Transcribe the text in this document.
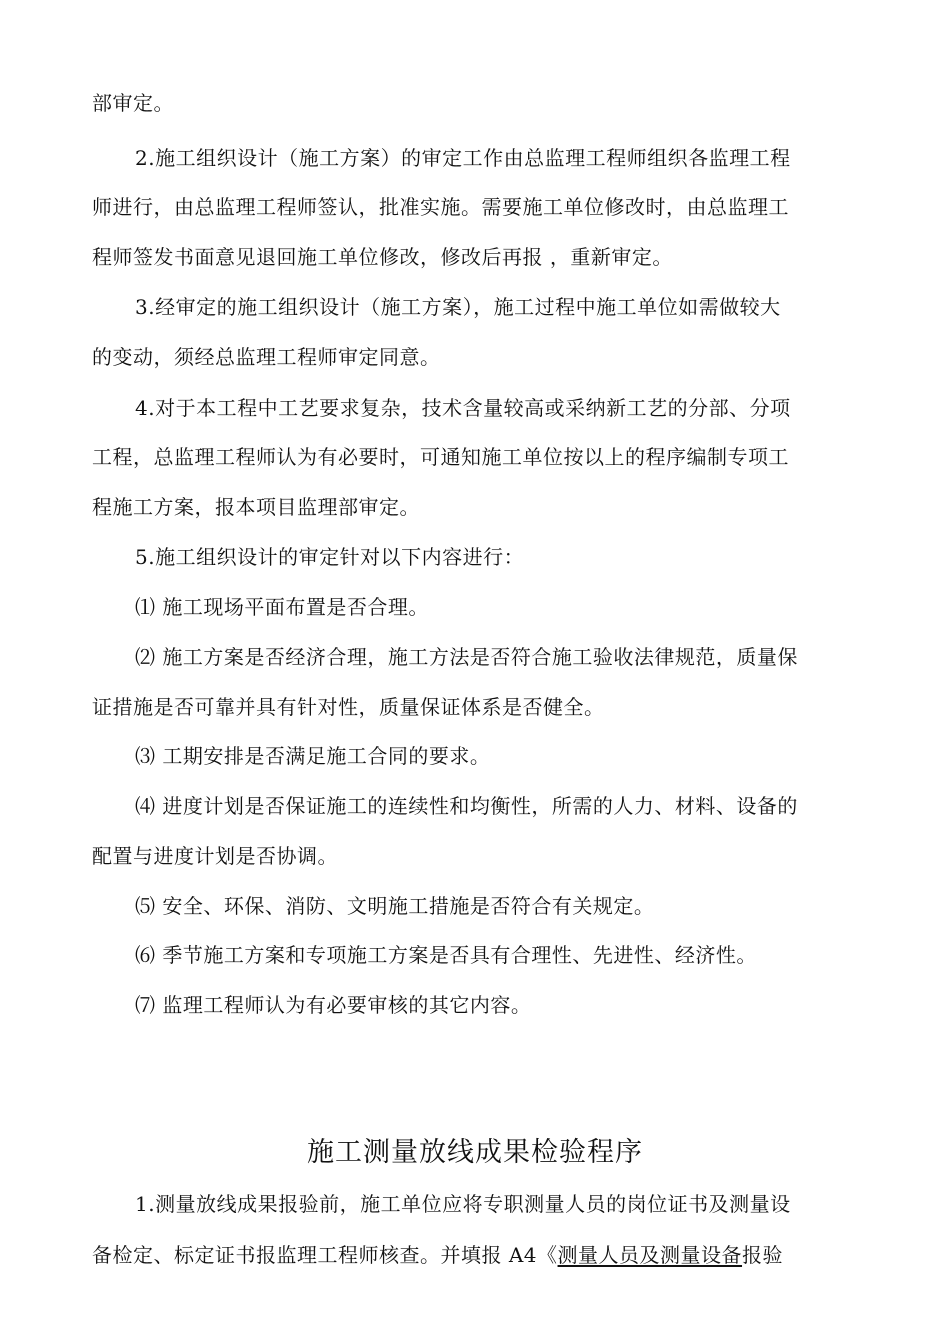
部审定。
2.施工组织设计（施工方案）的审定工作由总监理工程师组织各监理工程
师进行，由总监理工程师签认，批准实施。需要施工单位修改时，由总监理工
程师签发书面意见退回施工单位修改，修改后再报 ，重新审定。
3.经审定的施工组织设计（施工方案），施工过程中施工单位如需做较大
的变动，须经总监理工程师审定同意。
4.对于本工程中工艺要求复杂，技术含量较高或采纳新工艺的分部、分项
工程，总监理工程师认为有必要时，可通知施工单位按以上的程序编制专项工
程施工方案，报本项目监理部审定。
5.施工组织设计的审定针对以下内容进行：
⑴ 施工现场平面布置是否合理。
⑵ 施工方案是否经济合理，施工方法是否符合施工验收法律规范，质量保
证措施是否可靠并具有针对性，质量保证体系是否健全。
⑶ 工期安排是否满足施工合同的要求。
⑷ 进度计划是否保证施工的连续性和均衡性，所需的人力、材料、设备的
配置与进度计划是否协调。
⑸ 安全、环保、消防、文明施工措施是否符合有关规定。
⑹ 季节施工方案和专项施工方案是否具有合理性、先进性、经济性。
⑺ 监理工程师认为有必要审核的其它内容。
施工测量放线成果检验程序
1.测量放线成果报验前，施工单位应将专职测量人员的岗位证书及测量设
备检定、标定证书报监理工程师核查。并填报 A4《测量人员及测量设备报验
